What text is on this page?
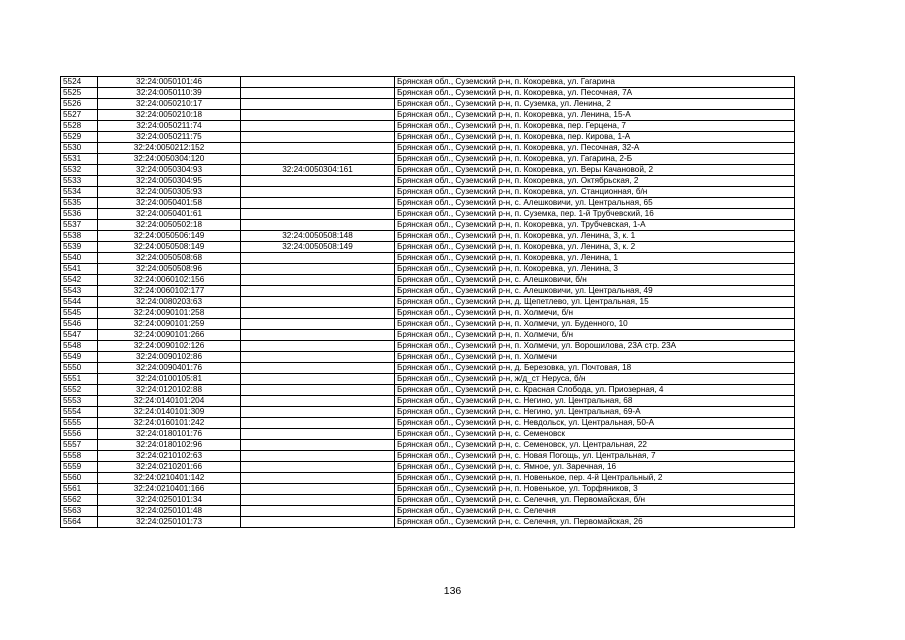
5524	32:24:0050101:46		Брянская обл., Суземский р-н, п. Кокоревка, ул. Гагарина
5525	32:24:0050110:39		Брянская обл., Суземский р-н, п. Кокоревка, ул. Песочная, 7А
5526	32:24:0050210:17		Брянская обл., Суземский р-н, п. Суземка, ул. Ленина, 2
5527	32:24:0050210:18		Брянская обл., Суземский р-н, п. Кокоревка, ул. Ленина, 15-А
5528	32:24:0050211:74		Брянская обл., Суземский р-н, п. Кокоревка, пер. Герцена, 7
5529	32:24:0050211:75		Брянская обл., Суземский р-н, п. Кокоревка, пер. Кирова, 1-А
5530	32:24:0050212:152		Брянская обл., Суземский р-н, п. Кокоревка, ул. Песочная, 32-А
5531	32:24:0050304:120		Брянская обл., Суземский р-н, п. Кокоревка, ул. Гагарина, 2-Б
5532	32:24:0050304:93	32:24:0050304:161	Брянская обл., Суземский р-н, п. Кокоревка, ул. Веры Качановой, 2
5533	32:24:0050304:95		Брянская обл., Суземский р-н, п. Кокоревка, ул. Октябрьская, 2
5534	32:24:0050305:93		Брянская обл., Суземский р-н, п. Кокоревка, ул. Станционная, б/н
5535	32:24:0050401:58		Брянская обл., Суземский р-н, с. Алешковичи, ул. Центральная, 65
5536	32:24:0050401:61		Брянская обл., Суземский р-н, п. Суземка, пер. 1-й Трубчевский, 16
5537	32:24:0050502:18		Брянская обл., Суземский р-н, п. Кокоревка, ул. Трубчевская, 1-А
5538	32:24:0050506:149	32:24:0050508:148	Брянская обл., Суземский р-н, п. Кокоревка, ул. Ленина, 3, к. 1
5539	32:24:0050508:149	32:24:0050508:149	Брянская обл., Суземский р-н, п. Кокоревка, ул. Ленина, 3, к. 2
5540	32:24:0050508:68		Брянская обл., Суземский р-н, п. Кокоревка, ул. Ленина, 1
5541	32:24:0050508:96		Брянская обл., Суземский р-н, п. Кокоревка, ул. Ленина, 3
5542	32:24:0060102:156		Брянская обл., Суземский р-н, с. Алешковичи, б/н
5543	32:24:0060102:177		Брянская обл., Суземский р-н, с. Алешковичи, ул. Центральная, 49
5544	32:24:0080203:63		Брянская обл., Суземский р-н, д. Щепетлево, ул. Центральная, 15
5545	32:24:0090101:258		Брянская обл., Суземский р-н, п. Холмечи, б/н
5546	32:24:0090101:259		Брянская обл., Суземский р-н, п. Холмечи, ул. Буденного, 10
5547	32:24:0090101:266		Брянская обл., Суземский р-н, п. Холмечи, б/н
5548	32:24:0090102:126		Брянская обл., Суземский р-н, п. Холмечи, ул. Ворошилова, 23А стр. 23А
5549	32:24:0090102:86		Брянская обл., Суземский р-н, п. Холмечи
5550	32:24:0090401:76		Брянская обл., Суземский р-н, д. Березовка, ул. Почтовая, 18
5551	32:24:0100105:81		Брянская обл., Суземский р-н, ж/д_ст Неруса, б/н
5552	32:24:0120102:88		Брянская обл., Суземский р-н, с. Красная Слобода, ул. Приозерная, 4
5553	32:24:0140101:204		Брянская обл., Суземский р-н, с. Негино, ул. Центральная, 68
5554	32:24:0140101:309		Брянская обл., Суземский р-н, с. Негино, ул. Центральная, 69-А
5555	32:24:0160101:242		Брянская обл., Суземский р-н, с. Невдольск, ул. Центральная, 50-А
5556	32:24:0180101:76		Брянская обл., Суземский р-н, с. Семеновск
5557	32:24:0180102:96		Брянская обл., Суземский р-н, с. Семеновск, ул. Центральная, 22
5558	32:24:0210102:63		Брянская обл., Суземский р-н, с. Новая Погощь, ул. Центральная, 7
5559	32:24:0210201:66		Брянская обл., Суземский р-н, с. Ямное, ул. Заречная, 16
5560	32:24:0210401:142		Брянская обл., Суземский р-н, п. Новенькое, пер. 4-й Центральный, 2
5561	32:24:0210401:166		Брянская обл., Суземский р-н, п. Новенькое, ул. Торфяников, 3
5562	32:24:0250101:34		Брянская обл., Суземский р-н, с. Селечня, ул. Первомайская, б/н
5563	32:24:0250101:48		Брянская обл., Суземский р-н, с. Селечня
5564	32:24:0250101:73		Брянская обл., Суземский р-н, с. Селечня, ул. Первомайская, 26
136
